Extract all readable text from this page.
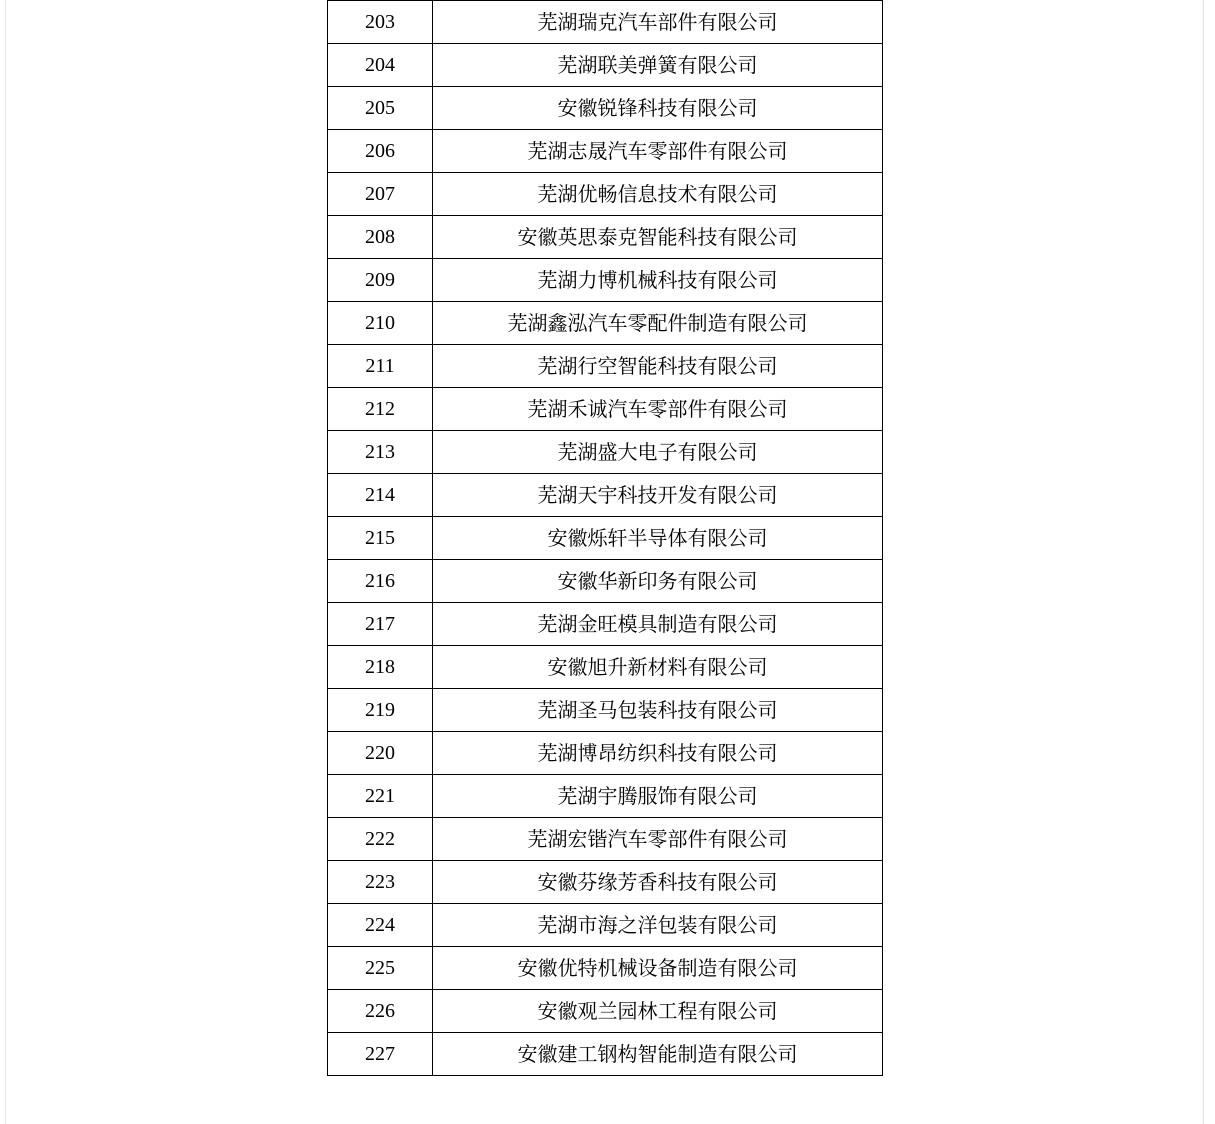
203	芜湖瑞克汽车部件有限公司
204	芜湖联美弹簧有限公司
205	安徽锐锋科技有限公司
206	芜湖志晟汽车零部件有限公司
207	芜湖优畅信息技术有限公司
208	安徽英思泰克智能科技有限公司
209	芜湖力博机械科技有限公司
210	芜湖鑫泓汽车零配件制造有限公司
211	芜湖行空智能科技有限公司
212	芜湖禾诚汽车零部件有限公司
213	芜湖盛大电子有限公司
214	芜湖天宇科技开发有限公司
215	安徽烁轩半导体有限公司
216	安徽华新印务有限公司
217	芜湖金旺模具制造有限公司
218	安徽旭升新材料有限公司
219	芜湖圣马包装科技有限公司
220	芜湖博昂纺织科技有限公司
221	芜湖宇腾服饰有限公司
222	芜湖宏锴汽车零部件有限公司
223	安徽芬缘芳香科技有限公司
224	芜湖市海之洋包装有限公司
225	安徽优特机械设备制造有限公司
226	安徽观兰园林工程有限公司
227	安徽建工钢构智能制造有限公司
